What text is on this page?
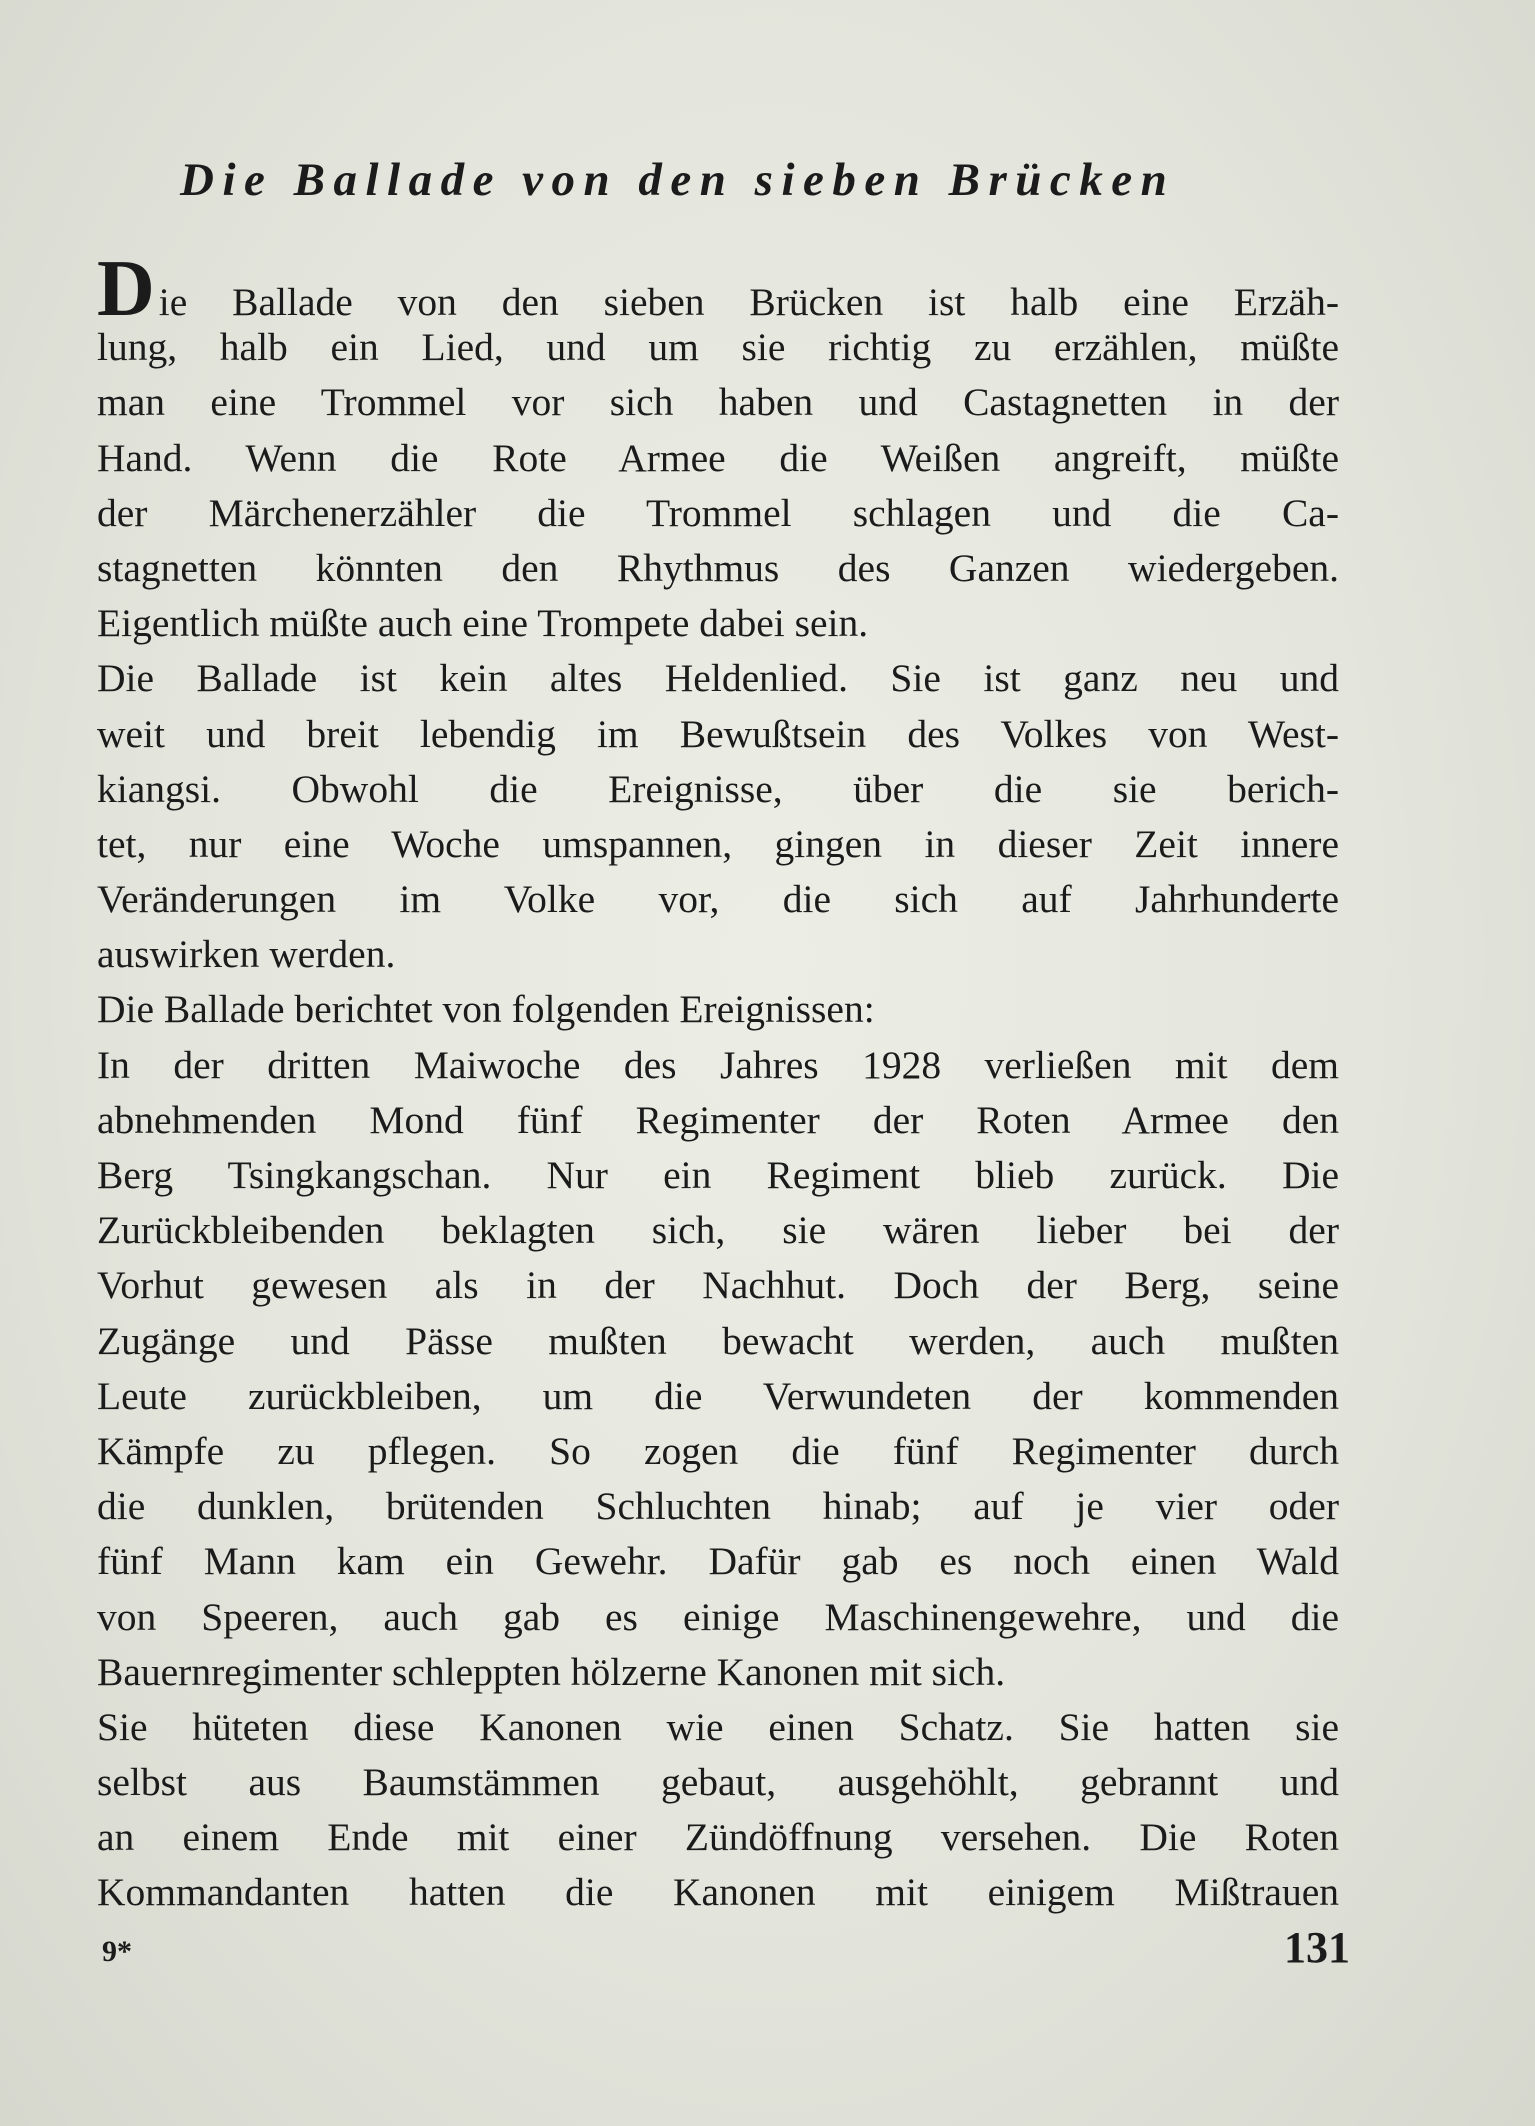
Die Ballade von den sieben Brücken
D ie Ballade von den sieben Brücken ist halb eine Erzäh-
lung, halb ein Lied, und um sie richtig zu erzählen, müßte
man eine Trommel vor sich haben und Castagnetten in der
Hand. Wenn die Rote Armee die Weißen angreift, müßte
der Märchenerzähler die Trommel schlagen und die Ca-
stagnetten könnten den Rhythmus des Ganzen wiedergeben.
Eigentlich müßte auch eine Trompete dabei sein.
Die Ballade ist kein altes Heldenlied. Sie ist ganz neu und
weit und breit lebendig im Bewußtsein des Volkes von West-
kiangsi. Obwohl die Ereignisse, über die sie berich-
tet, nur eine Woche umspannen, gingen in dieser Zeit innere
Veränderungen im Volke vor, die sich auf Jahrhunderte
auswirken werden.
Die Ballade berichtet von folgenden Ereignissen:
In der dritten Maiwoche des Jahres 1928 verließen mit dem
abnehmenden Mond fünf Regimenter der Roten Armee den
Berg Tsingkangschan. Nur ein Regiment blieb zurück. Die
Zurückbleibenden beklagten sich, sie wären lieber bei der
Vorhut gewesen als in der Nachhut. Doch der Berg, seine
Zugänge und Pässe mußten bewacht werden, auch mußten
Leute zurückbleiben, um die Verwundeten der kommenden
Kämpfe zu pflegen. So zogen die fünf Regimenter durch
die dunklen, brütenden Schluchten hinab; auf je vier oder
fünf Mann kam ein Gewehr. Dafür gab es noch einen Wald
von Speeren, auch gab es einige Maschinengewehre, und die
Bauernregimenter schleppten hölzerne Kanonen mit sich.
Sie hüteten diese Kanonen wie einen Schatz. Sie hatten sie
selbst aus Baumstämmen gebaut, ausgehöhlt, gebrannt und
an einem Ende mit einer Zündöffnung versehen. Die Roten
Kommandanten hatten die Kanonen mit einigem Mißtrauen
9*	131
